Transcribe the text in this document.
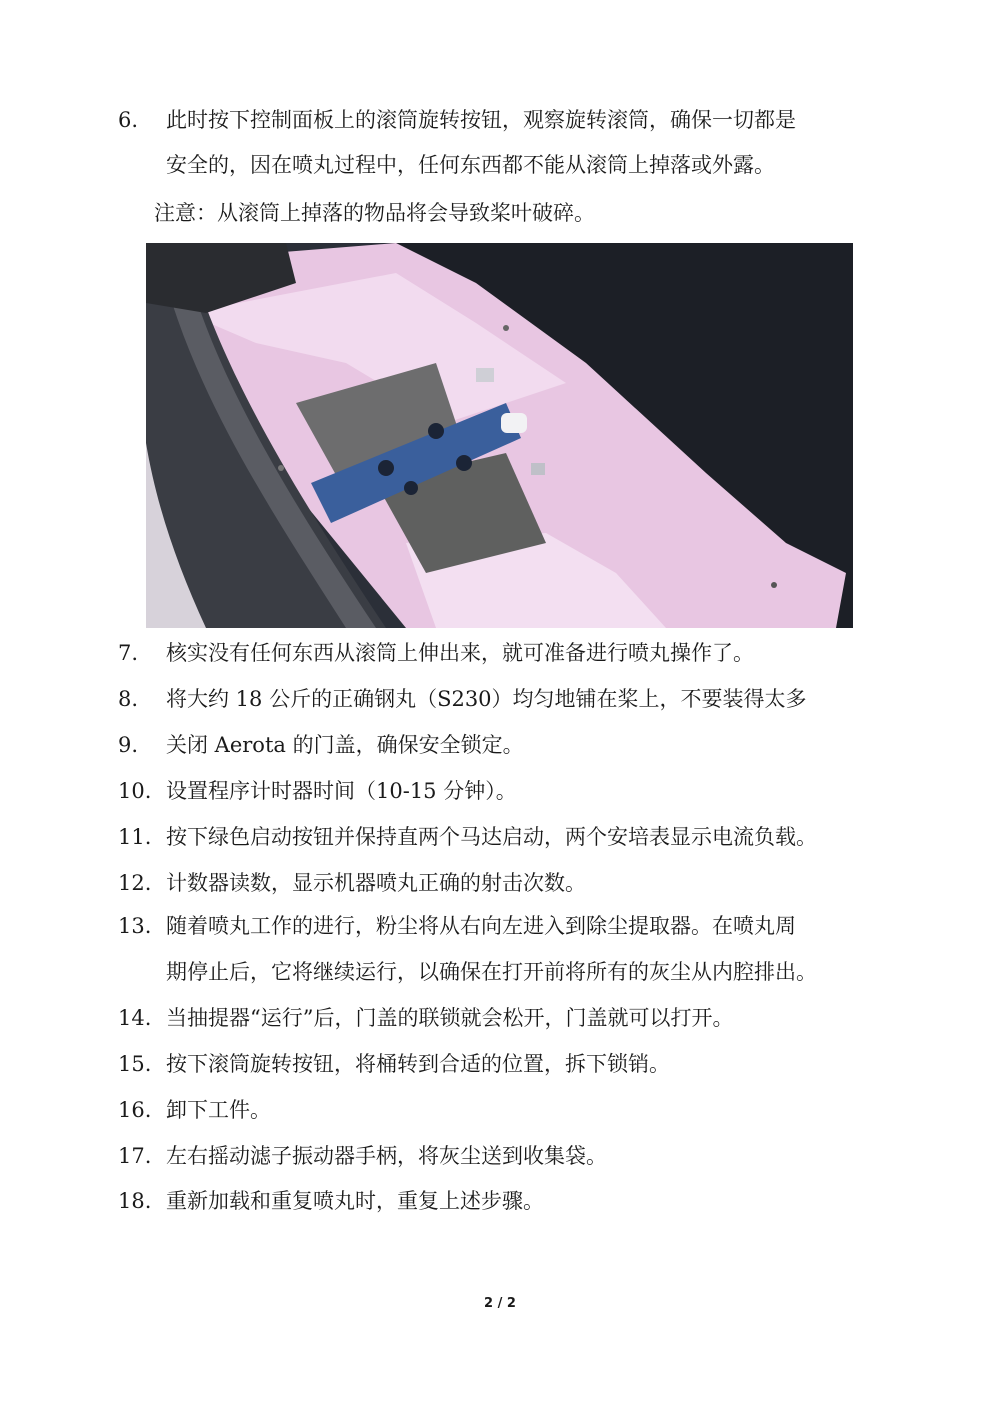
6. 此时按下控制面板上的滚筒旋转按钮，观察旋转滚筒，确保一切都是
安全的，因在喷丸过程中，任何东西都不能从滚筒上掉落或外露。
注意：从滚筒上掉落的物品将会导致桨叶破碎。
7. 核实没有任何东西从滚筒上伸出来，就可准备进行喷丸操作了。
8. 将大约 18 公斤的正确钢丸（S230）均匀地铺在桨上，不要装得太多
9. 关闭 Aerota 的门盖，确保安全锁定。
10. 设置程序计时器时间（10-15 分钟）。
11. 按下绿色启动按钮并保持直两个马达启动，两个安培表显示电流负载。
12. 计数器读数，显示机器喷丸正确的射击次数。
13. 随着喷丸工作的进行，粉尘将从右向左进入到除尘提取器。在喷丸周
期停止后，它将继续运行，以确保在打开前将所有的灰尘从内腔排出。
14. 当抽提器“运行”后，门盖的联锁就会松开，门盖就可以打开。
15. 按下滚筒旋转按钮，将桶转到合适的位置，拆下锁销。
16. 卸下工件。
17. 左右摇动滤子振动器手柄，将灰尘送到收集袋。
18. 重新加载和重复喷丸时，重复上述步骤。
2 / 2
